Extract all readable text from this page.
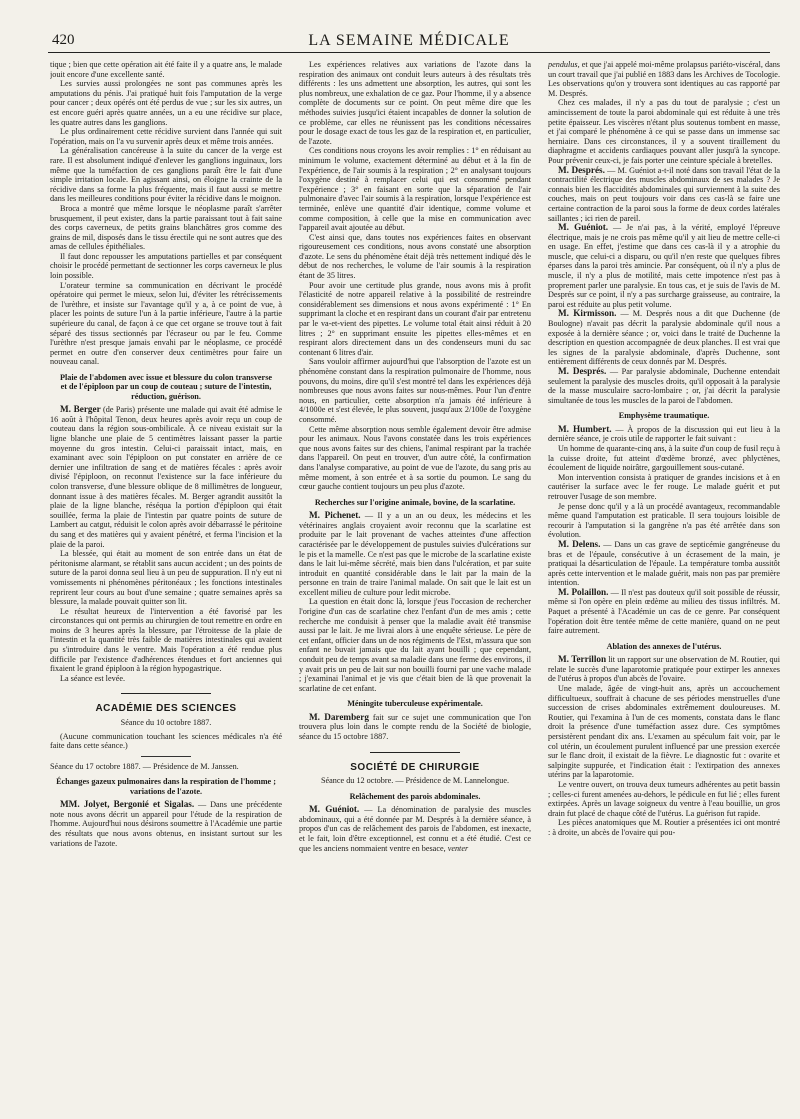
420	LA SEMAINE MÉDICALE

tique ; bien que cette opération ait été faite il y a quatre ans, le malade jouit encore d'une excellente santé.

Les survies aussi prolongées ne sont pas communes après les amputations du pénis. J'ai pratiqué huit fois l'amputation de la verge pour cancer ; deux opérés ont été perdus de vue ; sur les six autres, un est encore guéri après quatre années, un a eu une récidive sur place, les quatre autres dans les ganglions.

Le plus ordinairement cette récidive survient dans l'année qui suit l'opération, mais on l'a vu survenir après deux et même trois années.

La généralisation cancéreuse à la suite du cancer de la verge est rare. Il est absolument indiqué d'enlever les ganglions inguinaux, lors même que la tuméfaction de ces ganglions paraît être le fait d'une simple irritation locale. En agissant ainsi, on éloigne la crainte de la récidive dans sa forme la plus fréquente, mais il faut aussi se mettre dans les meilleures conditions pour éviter la récidive dans le moignon.

Broca a montré que même lorsque le néoplasme paraît s'arrêter brusquement, il peut exister, dans la partie paraissant tout à fait saine des corps caverneux, de petits grains blanchâtres gros comme des grains de mil, disposés dans le tissu érectile qui ne sont autres que des amas de cellules épithéliales.

Il faut donc repousser les amputations partielles et par conséquent choisir le procédé permettant de sectionner les corps caverneux le plus loin possible.

L'orateur termine sa communication en décrivant le procédé opératoire qui permet le mieux, selon lui, d'éviter les rétrécissements de l'urèthre, et insiste sur l'avantage qu'il y a, à ce point de vue, à placer les points de suture l'un à la partie inférieure, l'autre à la partie supérieure du canal, de façon à ce que cet organe se trouve tout à fait séparé des tissus sectionnés par l'écraseur ou par le feu. Comme l'urèthre n'est presque jamais envahi par le néoplasme, ce procédé permet en outre d'en conserver deux centimètres pour faire un nouveau canal.

Plaie de l'abdomen avec issue et blessure du colon transverse et de l'épiploon par un coup de couteau ; suture de l'intestin, réduction, guérison.

M. Berger (de Paris) présente une malade qui avait été admise le 16 août à l'hôpital Tenon, deux heures après avoir reçu un coup de couteau dans la région sous-ombilicale. À ce niveau existait sur la ligne blanche une plaie de 5 centimètres laissant passer la partie moyenne du gros intestin. Celui-ci paraissait intact, mais, en examinant avec soin l'épiploon on put constater en arrière de ce dernier une infiltration de sang et de matières fécales : après avoir divisé l'épiploon, on reconnut l'existence sur la face inférieure du colon transverse, d'une blessure oblique de 8 millimètres de longueur, donnant issue à des matières fécales. M. Berger agrandit aussitôt la plaie de la ligne blanche, réséqua la portion d'épiploon qui était souillée, ferma la plaie de l'intestin par quatre points de suture de Lambert au catgut, réduisit le colon après avoir débarrassé le péritoine du sang et des matières qui y avaient pénétré, et ferma l'incision et la plaie de la paroi.

La blessée, qui était au moment de son entrée dans un état de péritonisme alarmant, se rétablit sans aucun accident ; un des points de suture de la paroi donna seul lieu à un peu de suppuration. Il n'y eut ni vomissements ni phénomènes péritonéaux ; les fonctions intestinales reprirent leur cours au bout d'une semaine ; quatre semaines après sa blessure, la malade pouvait quitter son lit.

Le résultat heureux de l'intervention a été favorisé par les circonstances qui ont permis au chirurgien de tout remettre en ordre en moins de 3 heures après la blessure, par l'étroitesse de la plaie de l'intestin et la quantité très faible de matières intestinales qui avaient pu s'introduire dans le ventre. Mais l'opération a été rendue plus difficile par l'existence d'adhérences étendues et fort anciennes qui fixaient le grand épiploon à la région hypogastrique.

La séance est levée.

ACADÉMIE DES SCIENCES

Séance du 10 octobre 1887.

(Aucune communication touchant les sciences médicales n'a été faite dans cette séance.)

Séance du 17 octobre 1887. — Présidence de M. Janssen.

Échanges gazeux pulmonaires dans la respiration de l'homme ; variations de l'azote.

MM. Jolyet, Bergonié et Sigalas. — Dans une précédente note nous avons décrit un appareil pour l'étude de la respiration de l'homme. Aujourd'hui nous désirons soumettre à l'Académie une partie des résultats que nous avons obtenus, en insistant surtout sur les variations de l'azote.

Les expériences relatives aux variations de l'azote dans la respiration des animaux ont conduit leurs auteurs à des résultats très différents : les uns admettent une absorption, les autres, qui sont les plus nombreux, une exhalation de ce gaz. Pour l'homme, il y a absence complète de documents sur ce point. On peut même dire que les méthodes suivies jusqu'ici étaient incapables de donner la solution de ce problème, car elles ne réunissent pas les conditions nécessaires pour le dosage exact de tous les gaz de la respiration et, en particulier, de l'azote.

Ces conditions nous croyons les avoir remplies : 1° en réduisant au minimum le volume, exactement déterminé au début et à la fin de l'expérience, de l'air soumis à la respiration ; 2° en analysant toujours l'oxygène destiné à remplacer celui qui est consommé pendant l'expérience ; 3° en faisant en sorte que la séparation de l'air pulmonaire d'avec l'air soumis à la respiration, lorsque l'expérience est terminée, enlève une quantité d'air identique, comme volume et comme composition, à celle que la mise en communication avec l'appareil avait ajoutée au début.

C'est ainsi que, dans toutes nos expériences faites en observant rigoureusement ces conditions, nous avons constaté une absorption d'azote. Le sens du phénomène était déjà très nettement indiqué dès le début de nos recherches, le volume de l'air soumis à la respiration étant de 35 litres.

Pour avoir une certitude plus grande, nous avons mis à profit l'élasticité de notre appareil relative à la possibilité de restreindre considérablement ses dimensions et nous avons expérimenté : 1° En supprimant la cloche et en respirant dans un courant d'air par entretenu par le va-et-vient des pipettes. Le volume total était ainsi réduit à 20 litres ; 2° en supprimant ensuite les pipettes elles-mêmes et en respirant alors directement dans un des condenseurs muni du sac contenant 6 litres d'air.

Sans vouloir affirmer aujourd'hui que l'absorption de l'azote est un phénomène constant dans la respiration pulmonaire de l'homme, nous pouvons, du moins, dire qu'il s'est montré tel dans les expériences déjà nombreuses que nous avons faites sur nous-mêmes. Pour l'un d'entre nous, en particulier, cette absorption n'a jamais été inférieure à 4/1000e et s'est élevée, le plus souvent, jusqu'aux 2/100e de l'oxygène consommé.

Cette même absorption nous semble également devoir être admise pour les animaux. Nous l'avons constatée dans les trois expériences que nous avons faites sur des chiens, l'animal respirant par la trachée dans l'appareil. On peut en trouver, d'un autre côté, la confirmation dans l'analyse comparative, au point de vue de l'azote, du sang pris au même moment, à son entrée et à sa sortie du poumon. Le sang du cœur gauche contient toujours un peu plus d'azote.

Recherches sur l'origine animale, bovine, de la scarlatine.

M. Pichenet. — Il y a un an ou deux, les médecins et les vétérinaires anglais croyaient avoir reconnu que la scarlatine est produite par le lait provenant de vaches atteintes d'une affection caractérisée par le développement de pustules suivies d'ulcérations sur le pis et la mamelle. Ce n'est pas que le microbe de la scarlatine existe dans le lait lui-même sécrété, mais bien dans l'ulcération, et par suite introduit en quantité considérable dans le lait par la main de la personne en train de traire l'animal malade. On sait que le lait est un excellent milieu de culture pour ledit microbe.

La question en était donc là, lorsque j'eus l'occasion de rechercher l'origine d'un cas de scarlatine chez l'enfant d'un de mes amis ; cette recherche me conduisit à penser que la maladie avait été transmise aussi par le lait. Je me livrai alors à une enquête sérieuse. Le père de cet enfant, officier dans un de nos régiments de l'Est, m'assura que son enfant ne buvait jamais que du lait ayant bouilli ; que cependant, conduit peu de temps avant sa maladie dans une ferme des environs, il y avait pris un peu de lait sur non bouilli fourni par une vache malade ; j'examinai l'animal et je vis que c'était bien de là que provenait la scarlatine de cet enfant.

Méningite tuberculeuse expérimentale.

M. Daremberg fait sur ce sujet une communication que l'on trouvera plus loin dans le compte rendu de la Société de biologie, séance du 15 octobre 1887.

SOCIÉTÉ DE CHIRURGIE

Séance du 12 octobre. — Présidence de M. Lannelongue.

Relâchement des parois abdominales.

M. Guéniot. — La dénomination de paralysie des muscles abdominaux, qui a été donnée par M. Després à la dernière séance, à propos d'un cas de relâchement des parois de l'abdomen, est inexacte, et le fait, loin d'être exceptionnel, est connu et a été étudié. C'est ce que les anciens nommaient ventre en besace, venter

pendulus, et que j'ai appelé moi-même prolapsus pariéto-viscéral, dans un court travail que j'ai publié en 1883 dans les Archives de Tocologie. Les observations qu'on y trouvera sont identiques au cas rapporté par M. Després.

Chez ces malades, il n'y a pas du tout de paralysie ; c'est un amincissement de toute la paroi abdominale qui est réduite à une très petite épaisseur. Les viscères n'étant plus soutenus tombent en masse, et j'ai comparé le phénomène à ce qui se passe dans un immense sac herniaire. Dans ces circonstances, il y a souvent tiraillement du diaphragme et accidents cardiaques pouvant aller jusqu'à la syncope. Pour prévenir ceux-ci, je fais porter une ceinture spéciale à bretelles.

M. Després. — M. Guéniot a-t-il noté dans son travail l'état de la contractilité électrique des muscles abdominaux de ses malades ? Je connais bien les flaccidités abdominales qui surviennent à la suite des couches, mais on peut toujours voir dans ces cas-là se faire une certaine contraction de la paroi sous la forme de deux cordes latérales saillantes ; ici rien de pareil.

M. Guéniot. — Je n'ai pas, à la vérité, employé l'épreuve électrique, mais je ne crois pas même qu'il y ait lieu de mettre celle-ci en usage. En effet, j'estime que dans ces cas-là il y a atrophie du muscle, que celui-ci a disparu, ou qu'il n'en reste que quelques fibres éparses dans la paroi très amincie. Par conséquent, où il n'y a plus de muscle, il n'y a plus de motilité, mais cette impotence n'est pas à proprement parler une paralysie. En tous cas, et je suis de l'avis de M. Després sur ce point, il n'y a pas surcharge graisseuse, au contraire, la paroi est réduite au plus petit volume.

M. Kirmisson. — M. Després nous a dit que Duchenne (de Boulogne) n'avait pas décrit la paralysie abdominale qu'il nous a exposée à la dernière séance ; or, voici dans le traité de Duchenne la description en question accompagnée de deux planches. Il est vrai que les signes de la paralysie abdominale, d'après Duchenne, sont entièrement différents de ceux donnés par M. Després.

M. Després. — Par paralysie abdominale, Duchenne entendait seulement la paralysie des muscles droits, qu'il opposait à la paralysie de la masse musculaire sacro-lombaire ; or, j'ai décrit la paralysie simultanée de tous les muscles de la paroi de l'abdomen.

Emphysème traumatique.

M. Humbert. — À propos de la discussion qui eut lieu à la dernière séance, je crois utile de rapporter le fait suivant :

Un homme de quarante-cinq ans, à la suite d'un coup de fusil reçu à la cuisse droite, fut atteint d'œdème bronzé, avec phlyctènes, écoulement de liquide noirâtre, gargouillement sous-cutané.

Mon intervention consista à pratiquer de grandes incisions et à en cautériser la surface avec le fer rouge. Le malade guérit et put retrouver l'usage de son membre.

Je pense donc qu'il y a là un procédé avantageux, recommandable même quand l'amputation est praticable. Il sera toujours loisible de recourir à l'amputation si la gangrène n'a pas été arrêtée dans son évolution.

M. Delens. — Dans un cas grave de septicémie gangréneuse du bras et de l'épaule, consécutive à un écrasement de la main, je pratiquai la désarticulation de l'épaule. La température tomba aussitôt après cette intervention et le malade guérit, mais non pas par première intention.

M. Polaillon. — Il n'est pas douteux qu'il soit possible de réussir, même si l'on opère en plein œdème au milieu des tissus infiltrés. M. Paquet a présenté à l'Académie un cas de ce genre. Par conséquent l'opération doit être tentée même de cette manière, quand on ne peut faire autrement.

Ablation des annexes de l'utérus.

M. Terrillon lit un rapport sur une observation de M. Routier, qui relate le succès d'une laparotomie pratiquée pour extirper les annexes de l'utérus à propos d'un abcès de l'ovaire.

Une malade, âgée de vingt-huit ans, après un accouchement difficultueux, souffrait à chacune de ses périodes menstruelles d'une succession de crises abdominales extrêmement douloureuses. M. Routier, qui l'examina à l'un de ces moments, constata dans le flanc droit la présence d'une tuméfaction assez dure. Ces symptômes persistèrent pendant dix ans. L'examen au spéculum fait voir, par le col utérin, un écoulement purulent influencé par une pression exercée sur le flanc droit, il existait de la fièvre. Le diagnostic fut : ovarite et salpingite suppurée, et l'indication était : l'extirpation des annexes utérins par la laparotomie.

Le ventre ouvert, on trouva deux tumeurs adhérentes au petit bassin ; celles-ci furent amenées au-dehors, le pédicule en fut lié ; elles furent extirpées. Après un lavage soigneux du ventre à l'eau bouillie, un gros drain fut placé de chaque côté de l'utérus. La guérison fut rapide.

Les pièces anatomiques que M. Routier a présentées ici ont montré : à droite, un abcès de l'ovaire qui pou-
